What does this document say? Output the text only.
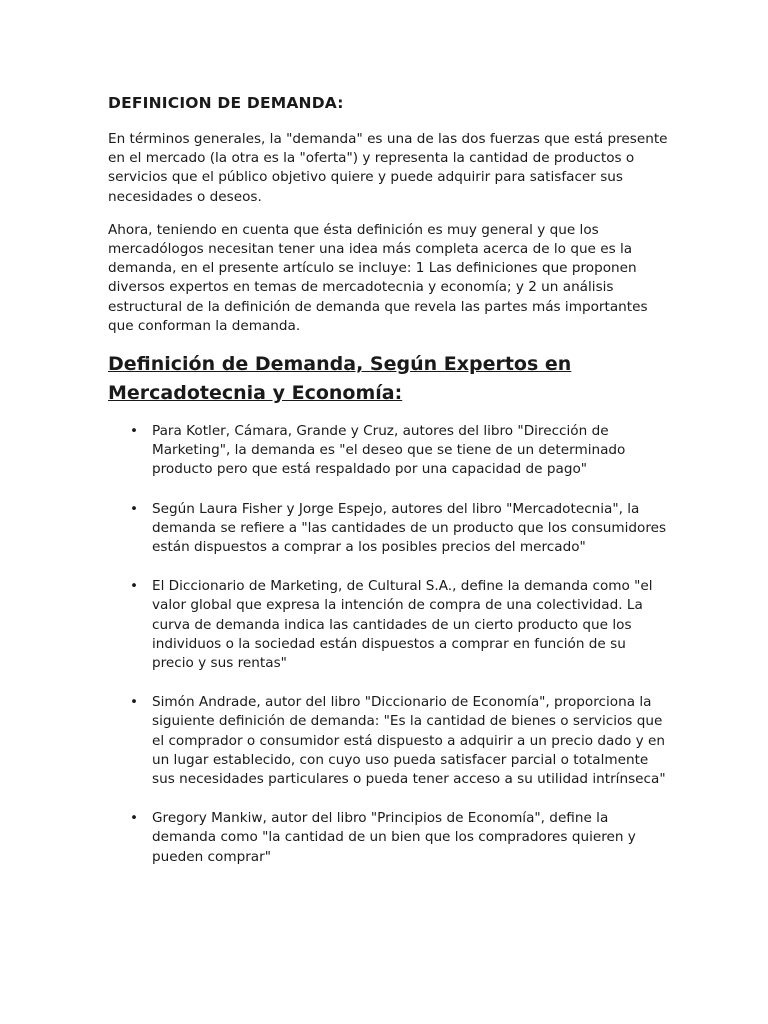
DEFINICION DE DEMANDA:

En términos generales, la "demanda" es una de las dos fuerzas que está presente en el mercado (la otra es la "oferta") y representa la cantidad de productos o servicios que el público objetivo quiere y puede adquirir para satisfacer sus necesidades o deseos.

Ahora, teniendo en cuenta que ésta definición es muy general y que los mercadólogos necesitan tener una idea más completa acerca de lo que es la demanda, en el presente artículo se incluye: 1 Las definiciones que proponen diversos expertos en temas de mercadotecnia y economía; y 2 un análisis estructural de la definición de demanda que revela las partes más importantes que conforman la demanda.

Definición de Demanda, Según Expertos en Mercadotecnia y Economía:
• Para Kotler, Cámara, Grande y Cruz, autores del libro "Dirección de Marketing", la demanda es "el deseo que se tiene de un determinado producto pero que está respaldado por una capacidad de pago"
• Según Laura Fisher y Jorge Espejo, autores del libro "Mercadotecnia", la demanda se refiere a "las cantidades de un producto que los consumidores están dispuestos a comprar a los posibles precios del mercado"
• El Diccionario de Marketing, de Cultural S.A., define la demanda como "el valor global que expresa la intención de compra de una colectividad. La curva de demanda indica las cantidades de un cierto producto que los individuos o la sociedad están dispuestos a comprar en función de su precio y sus rentas"
• Simón Andrade, autor del libro "Diccionario de Economía", proporciona la siguiente definición de demanda: "Es la cantidad de bienes o servicios que el comprador o consumidor está dispuesto a adquirir a un precio dado y en un lugar establecido, con cuyo uso pueda satisfacer parcial o totalmente sus necesidades particulares o pueda tener acceso a su utilidad intrínseca"
• Gregory Mankiw, autor del libro "Principios de Economía", define la demanda como "la cantidad de un bien que los compradores quieren y pueden comprar"
